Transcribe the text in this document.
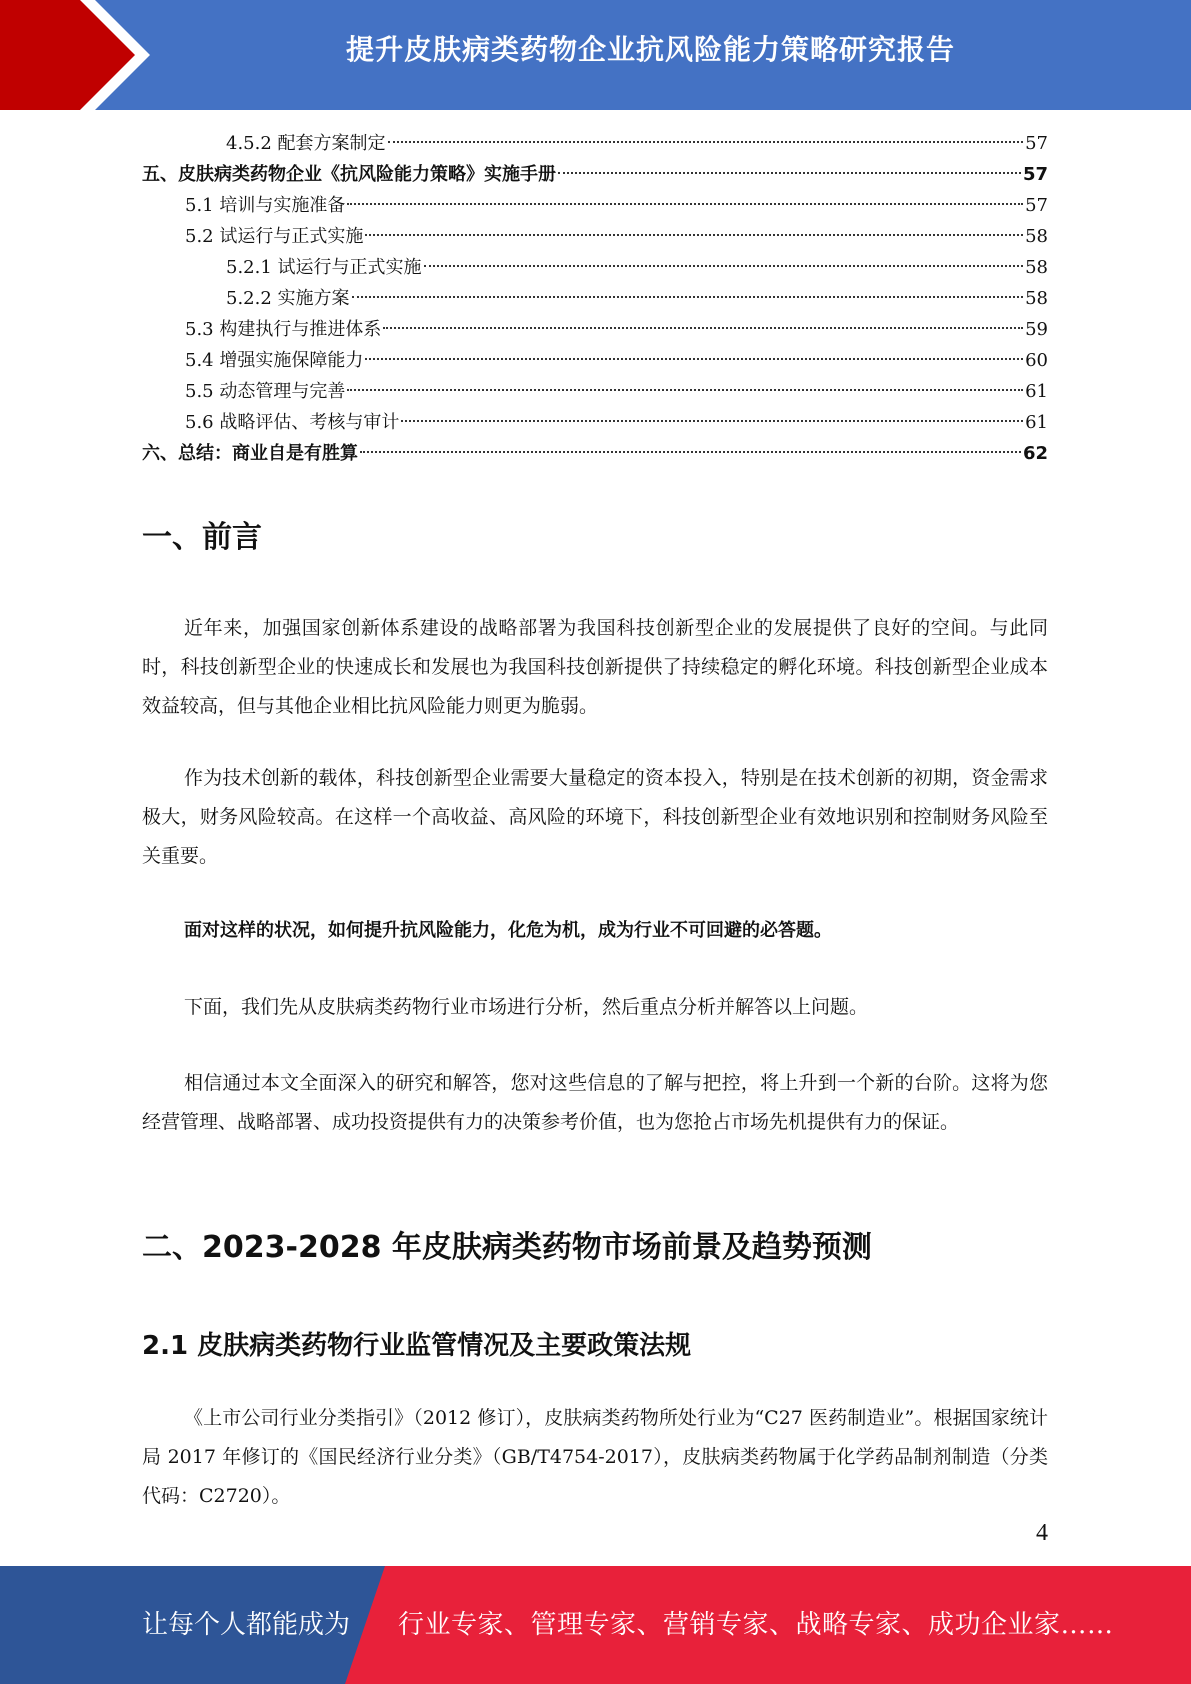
提升皮肤病类药物企业抗风险能力策略研究报告
4.5.2 配套方案制定	57
五、皮肤病类药物企业《抗风险能力策略》实施手册	57
5.1 培训与实施准备	57
5.2 试运行与正式实施	58
5.2.1 试运行与正式实施	58
5.2.2 实施方案	58
5.3 构建执行与推进体系	59
5.4 增强实施保障能力	60
5.5 动态管理与完善	61
5.6 战略评估、考核与审计	61
六、总结：商业自是有胜算	62
一、前言
近年来，加强国家创新体系建设的战略部署为我国科技创新型企业的发展提供了良好的空间。与此同时，科技创新型企业的快速成长和发展也为我国科技创新提供了持续稳定的孵化环境。科技创新型企业成本效益较高，但与其他企业相比抗风险能力则更为脆弱。
作为技术创新的载体，科技创新型企业需要大量稳定的资本投入，特别是在技术创新的初期，资金需求极大，财务风险较高。在这样一个高收益、高风险的环境下，科技创新型企业有效地识别和控制财务风险至关重要。
面对这样的状况，如何提升抗风险能力，化危为机，成为行业不可回避的必答题。
下面，我们先从皮肤病类药物行业市场进行分析，然后重点分析并解答以上问题。
相信通过本文全面深入的研究和解答，您对这些信息的了解与把控，将上升到一个新的台阶。这将为您经营管理、战略部署、成功投资提供有力的决策参考价值，也为您抢占市场先机提供有力的保证。
二、2023-2028 年皮肤病类药物市场前景及趋势预测
2.1 皮肤病类药物行业监管情况及主要政策法规
《上市公司行业分类指引》（2012 修订），皮肤病类药物所处行业为“C27 医药制造业”。根据国家统计局 2017 年修订的《国民经济行业分类》（GB/T4754-2017），皮肤病类药物属于化学药品制剂制造（分类代码：C2720）。
4
让每个人都能成为 行业专家、管理专家、营销专家、战略专家、成功企业家……
